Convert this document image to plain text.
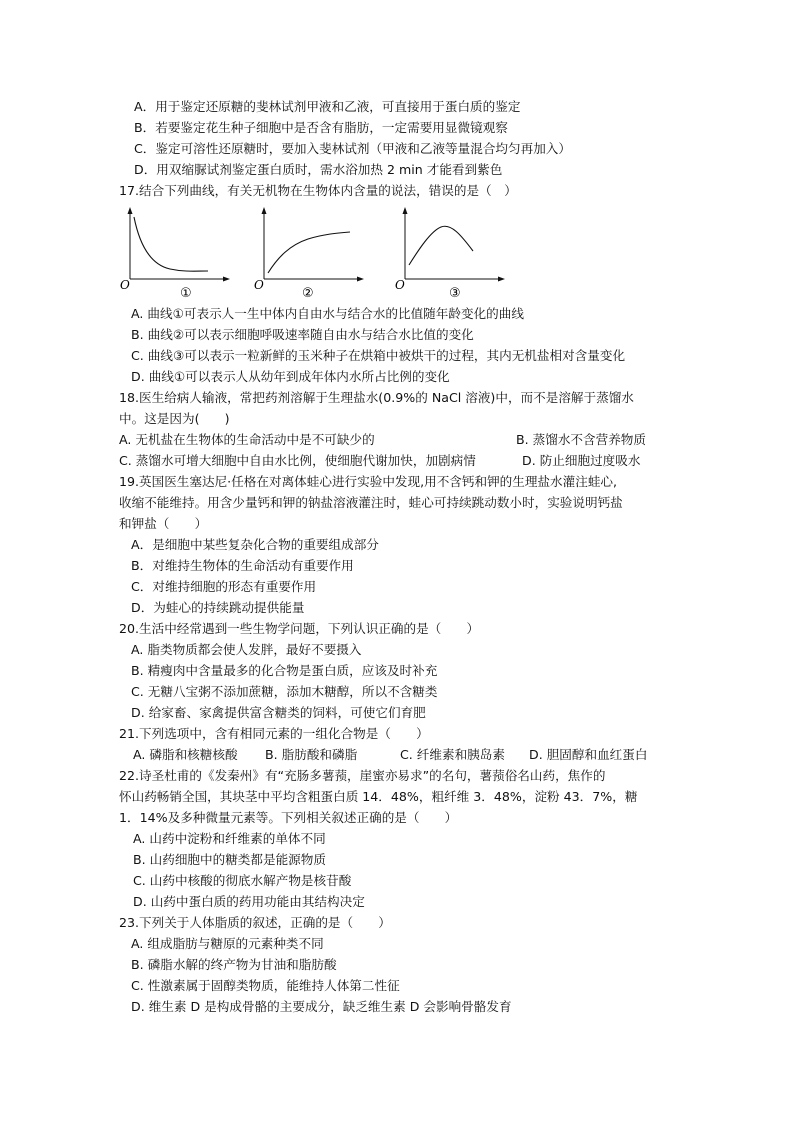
A．用于鉴定还原糖的斐林试剂甲液和乙液，可直接用于蛋白质的鉴定
B．若要鉴定花生种子细胞中是否含有脂肪，一定需要用显微镜观察
C．鉴定可溶性还原糖时，要加入斐林试剂（甲液和乙液等量混合均匀再加入）
D．用双缩脲试剂鉴定蛋白质时，需水浴加热 2 min 才能看到紫色
17.结合下列曲线，有关无机物在生物体内含量的说法，错误的是（　）
O
①
O
②
O
③
A. 曲线①可表示人一生中体内自由水与结合水的比值随年龄变化的曲线
B. 曲线②可以表示细胞呼吸速率随自由水与结合水比值的变化
C. 曲线③可以表示一粒新鲜的玉米种子在烘箱中被烘干的过程，其内无机盐相对含量变化
D. 曲线①可以表示人从幼年到成年体内水所占比例的变化
18.医生给病人输液，常把药剂溶解于生理盐水(0.9%的 NaCl 溶液)中，而不是溶解于蒸馏水
中。这是因为(　　)
A. 无机盐在生物体的生命活动中是不可缺少的	B. 蒸馏水不含营养物质
C. 蒸馏水可增大细胞中自由水比例，使细胞代谢加快，加剧病情	D. 防止细胞过度吸水
19.英国医生塞达尼·任格在对离体蛙心进行实验中发现,用不含钙和钾的生理盐水灌注蛙心,
收缩不能维持。用含少量钙和钾的钠盐溶液灌注时，蛙心可持续跳动数小时，实验说明钙盐
和钾盐（　　）
A．是细胞中某些复杂化合物的重要组成部分
B．对维持生物体的生命活动有重要作用
C．对维持细胞的形态有重要作用
D．为蛙心的持续跳动提供能量
20.生活中经常遇到一些生物学问题，下列认识正确的是（　　）
A. 脂类物质都会使人发胖，最好不要摄入
B. 精瘦肉中含量最多的化合物是蛋白质，应该及时补充
C. 无糖八宝粥不添加蔗糖，添加木糖醇，所以不含糖类
D. 给家畜、家禽提供富含糖类的饲料，可使它们育肥
21.下列选项中，含有相同元素的一组化合物是（　　）
A. 磷脂和核糖核酸 B. 脂肪酸和磷脂	C. 纤维素和胰岛素 D. 胆固醇和血红蛋白
22.诗圣杜甫的《发秦州》有“充肠多薯蓣，崖蜜亦易求”的名句，薯蓣俗名山药，焦作的
怀山药畅销全国，其块茎中平均含粗蛋白质 14．48%，粗纤维 3．48%，淀粉 43．7%，糖
1．14%及多种微量元素等。下列相关叙述正确的是（　　）
A. 山药中淀粉和纤维素的单体不同
B. 山药细胞中的糖类都是能源物质
C. 山药中核酸的彻底水解产物是核苷酸
D. 山药中蛋白质的药用功能由其结构决定
23.下列关于人体脂质的叙述，正确的是（　　）
A. 组成脂肪与糖原的元素种类不同
B. 磷脂水解的终产物为甘油和脂肪酸
C. 性激素属于固醇类物质，能维持人体第二性征
D. 维生素 D 是构成骨骼的主要成分，缺乏维生素 D 会影响骨骼发育
